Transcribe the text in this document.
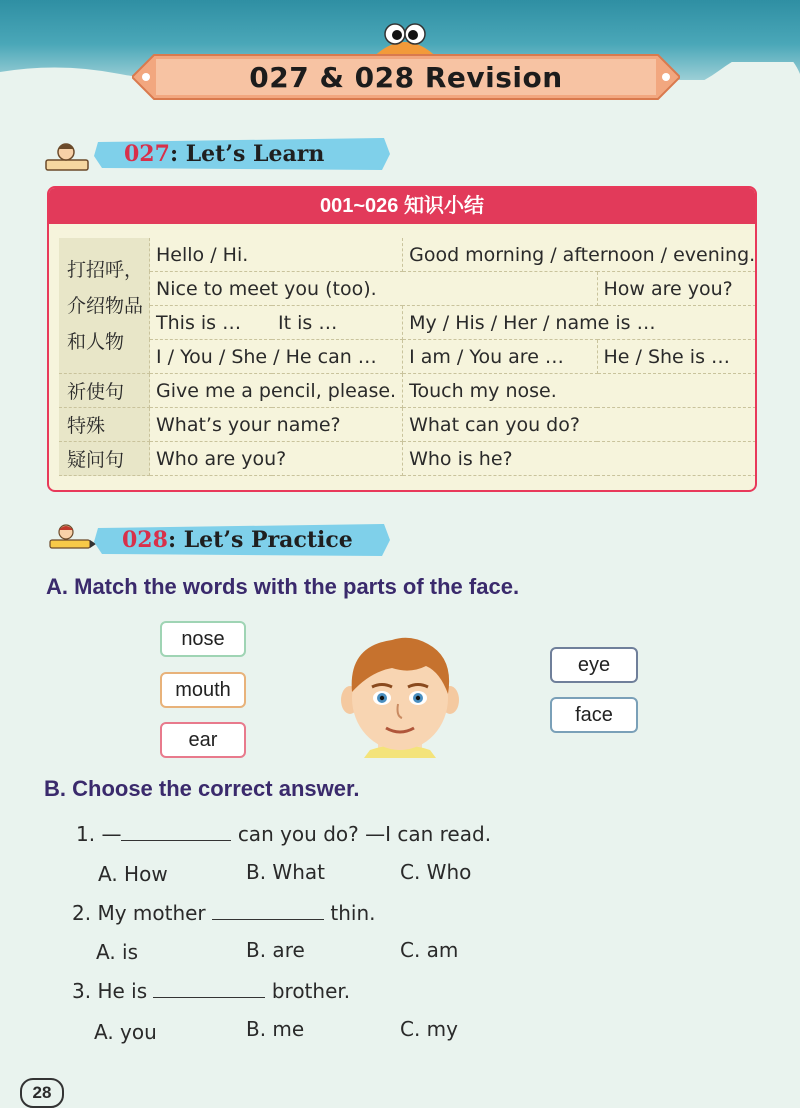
027 & 028 Revision
027: Let’s Learn
001~026 知识小结
打招呼，
介绍物品
和人物	Hello / Hi.		Good morning / afternoon / evening.	
	Nice to meet you (too).			How are you?
	This is …	It is …	My / His / Her / name is …	
	I / You / She / He can …		I am / You are …	He / She is …
祈使句	Give me a pencil, please.		Touch my nose.	
特殊	What’s your name?		What can you do?	
疑问句	Who are you?		Who is he?	
028: Let’s Practice
A. Match the words with the parts of the face.
nose
mouth
ear
eye
face
B. Choose the correct answer.
1. —	can you do? —I can read.
A. How	B. What	C. Who
2. My mother	thin.
A. is	B. are	C. am
3. He is	brother.
A. you	B. me	C. my
28
